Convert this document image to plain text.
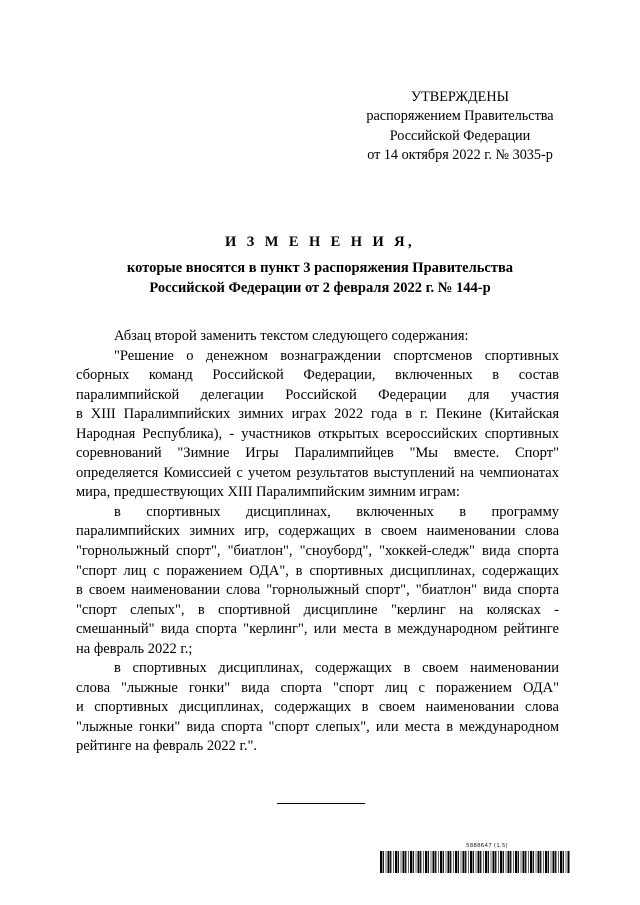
УТВЕРЖДЕНЫ
распоряжением Правительства
Российской Федерации
от 14 октября 2022 г. № 3035-р
И З М Е Н Е Н И Я,
которые вносятся в пункт 3 распоряжения Правительства
Российской Федерации от 2 февраля 2022 г. № 144-р
Абзац второй заменить текстом следующего содержания:
"Решение о денежном вознаграждении спортсменов спортивных
сборных команд Российской Федерации, включенных в состав
паралимпийской делегации Российской Федерации для участия
в XIII Паралимпийских зимних играх 2022 года в г. Пекине (Китайская
Народная Республика), - участников открытых всероссийских спортивных
соревнований "Зимние Игры Паралимпийцев "Мы вместе. Спорт"
определяется Комиссией с учетом результатов выступлений на чемпионатах
мира, предшествующих XIII Паралимпийским зимним играм:
в спортивных дисциплинах, включенных в программу
паралимпийских зимних игр, содержащих в своем наименовании слова
"горнолыжный спорт", "биатлон", "сноуборд", "хоккей-следж" вида спорта
"спорт лиц с поражением ОДА", в спортивных дисциплинах, содержащих
в своем наименовании слова "горнолыжный спорт", "биатлон" вида спорта
"спорт слепых", в спортивной дисциплине "керлинг на колясках -
смешанный" вида спорта "керлинг", или места в международном рейтинге
на февраль 2022 г.;
в спортивных дисциплинах, содержащих в своем наименовании
слова "лыжные гонки" вида спорта "спорт лиц с поражением ОДА"
и спортивных дисциплинах, содержащих в своем наименовании слова
"лыжные гонки" вида спорта "спорт слепых", или места в международном
рейтинге на февраль 2022 г.".
5888647 (1.5)
